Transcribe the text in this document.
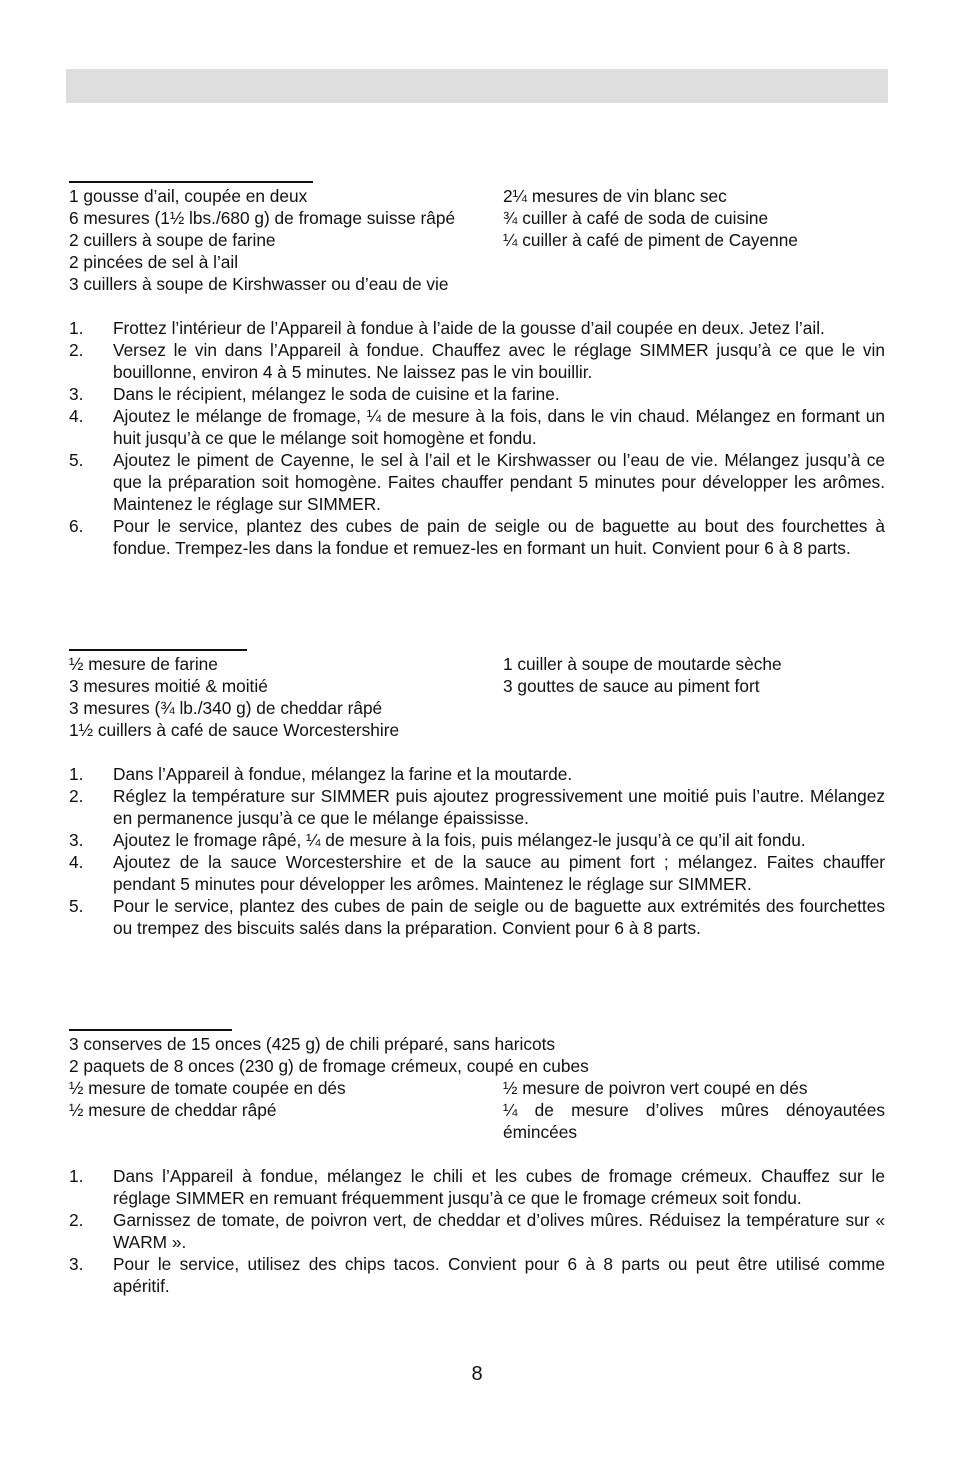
1 gousse d’ail, coupée en deux	2¼ mesures de vin blanc sec
6 mesures (1½ lbs./680 g) de fromage suisse râpé	¾ cuiller à café de soda de cuisine
2 cuillers à soupe de farine	¼ cuiller à café de piment de Cayenne
2 pincées de sel à l’ail
3 cuillers à soupe de Kirshwasser ou d’eau de vie
1.	Frottez l’intérieur de l’Appareil à fondue à l’aide de la gousse d’ail coupée en deux. Jetez l’ail.
2.	Versez le vin dans l’Appareil à fondue. Chauffez avec le réglage SIMMER jusqu’à ce que le vin bouillonne, environ 4 à 5 minutes. Ne laissez pas le vin bouillir.
3.	Dans le récipient, mélangez le soda de cuisine et la farine.
4.	Ajoutez le mélange de fromage, ¼ de mesure à la fois, dans le vin chaud. Mélangez en formant un huit jusqu’à ce que le mélange soit homogène et fondu.
5.	Ajoutez le piment de Cayenne, le sel à l’ail et le Kirshwasser ou l’eau de vie. Mélangez jusqu’à ce que la préparation soit homogène. Faites chauffer pendant 5 minutes pour développer les arômes. Maintenez le réglage sur SIMMER.
6.	Pour le service, plantez des cubes de pain de seigle ou de baguette au bout des fourchettes à fondue. Trempez-les dans la fondue et remuez-les en formant un huit. Convient pour 6 à 8 parts.
½ mesure de farine	1 cuiller à soupe de moutarde sèche
3 mesures moitié & moitié	3 gouttes de sauce au piment fort
3 mesures (¾ lb./340 g) de cheddar râpé
1½ cuillers à café de sauce Worcestershire
1.	Dans l’Appareil à fondue, mélangez la farine et la moutarde.
2.	Réglez la température sur SIMMER puis ajoutez progressivement une moitié puis l’autre. Mélangez en permanence jusqu’à ce que le mélange épaississe.
3.	Ajoutez le fromage râpé, ¼ de mesure à la fois, puis mélangez-le jusqu’à ce qu’il ait fondu.
4.	Ajoutez de la sauce Worcestershire et de la sauce au piment fort ; mélangez. Faites chauffer pendant 5 minutes pour développer les arômes. Maintenez le réglage sur SIMMER.
5.	Pour le service, plantez des cubes de pain de seigle ou de baguette aux extrémités des fourchettes ou trempez des biscuits salés dans la préparation. Convient pour 6 à 8 parts.
3 conserves de 15 onces (425 g) de chili préparé, sans haricots
2 paquets de 8 onces (230 g) de fromage crémeux, coupé en cubes
½ mesure de tomate coupée en dés	½ mesure de poivron vert coupé en dés
½ mesure de cheddar râpé	¼ de mesure d’olives mûres dénoyautées émincées
1.	Dans l’Appareil à fondue, mélangez le chili et les cubes de fromage crémeux. Chauffez sur le réglage SIMMER en remuant fréquemment jusqu’à ce que le fromage crémeux soit fondu.
2.	Garnissez de tomate, de poivron vert, de cheddar et d’olives mûres. Réduisez la température sur « WARM ».
3.	Pour le service, utilisez des chips tacos. Convient pour 6 à 8 parts ou peut être utilisé comme apéritif.
8
